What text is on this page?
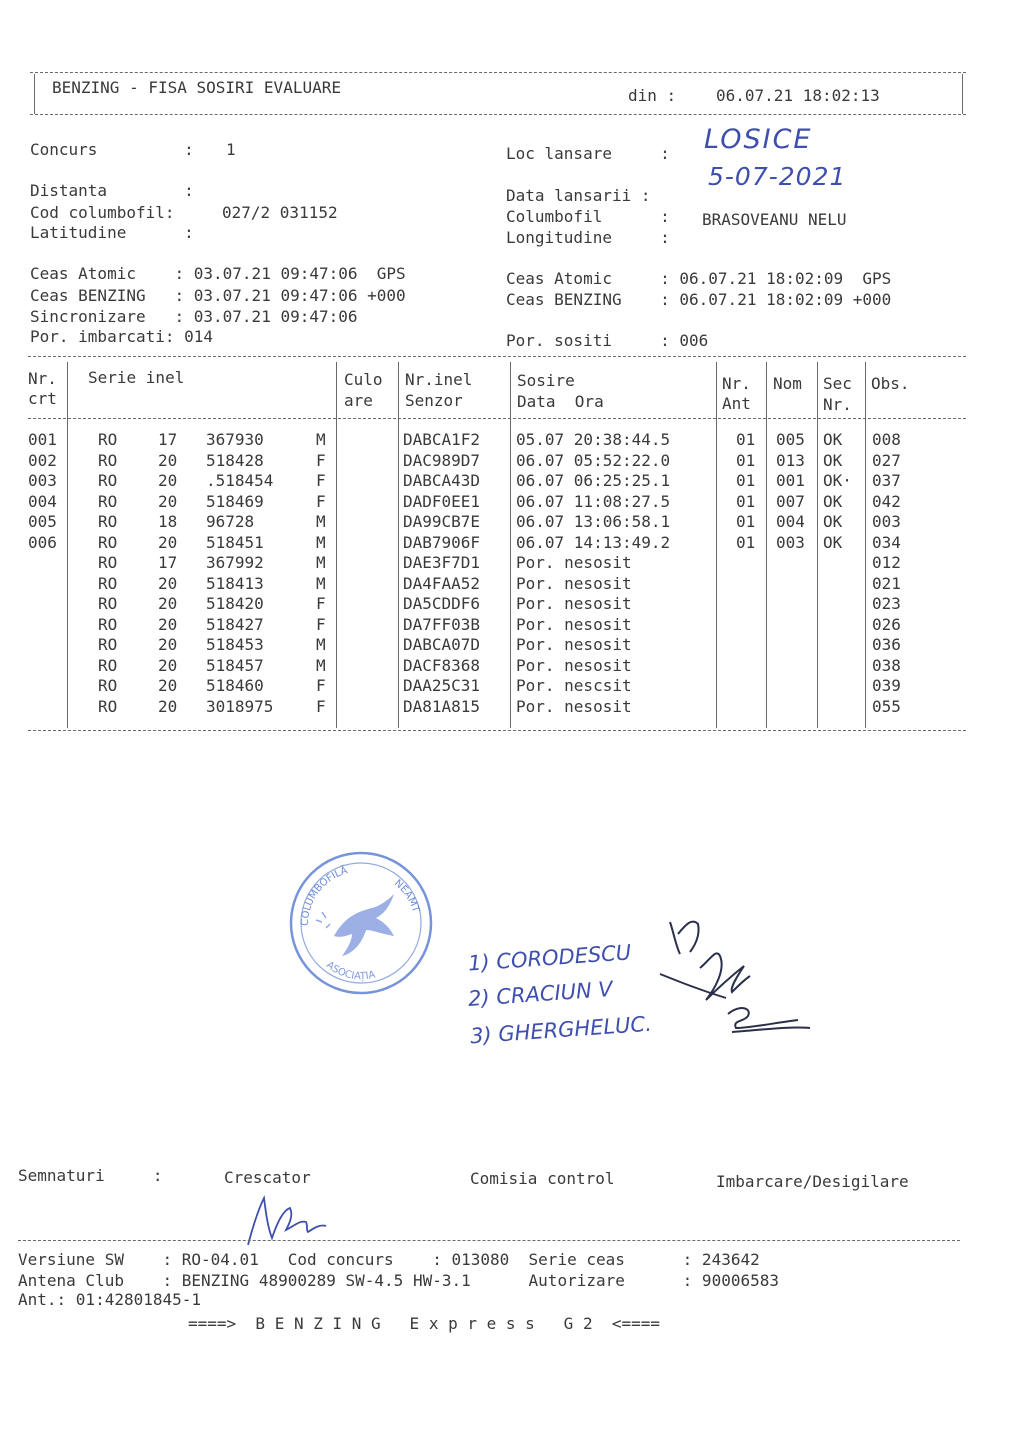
BENZING - FISA SOSIRI EVALUARE	din : 06.07.21 18:02:13
Concurs         : 1
Distanta        :
Cod columbofil:	027/2 031152
Latitudine      :
Loc lansare     : LOSICE
Data lansarii :
5-07-2021
Columbofil      : BRASOVEANU NELU
Longitudine     :
Ceas Atomic    : 03.07.21 09:47:06  GPS
Ceas BENZING   : 03.07.21 09:47:06 +000
Sincronizare   : 03.07.21 09:47:06
Por. imbarcati: 014
Ceas Atomic     : 06.07.21 18:02:09  GPS
Ceas BENZING    : 06.07.21 18:02:09 +000
Por. sositi     : 006
Nr.
crt
Serie inel	Culo
are
Nr.inel
Senzor
Sosire
Data  Ora
Nr.
Ant
Nom Sec
Nr.
Obs.
001	RO	17 367930	M	DABCA1F2 05.07 20:38:44.5	01 005 OK 008
002	RO	20 518428	F	DAC989D7 06.07 05:52:22.0	01 013 OK 027
003	RO	20 .518454	F	DABCA43D 06.07 06:25:25.1	01 001 OK· 037
004	RO	20 518469	F	DADF0EE1 06.07 11:08:27.5	01 007 OK 042
005	RO	18 96728	M	DA99CB7E 06.07 13:06:58.1	01 004 OK 003
006	RO	20 518451	M	DAB7906F 06.07 14:13:49.2	01 003 OK 034
RO	17 367992	M	DAE3F7D1 Por. nesosit	012
RO	20 518413	M	DA4FAA52 Por. nesosit	021
RO	20 518420	F	DA5CDDF6 Por. nesosit	023
RO	20 518427	F	DA7FF03B Por. nesosit	026
RO	20 518453	M	DABCA07D Por. nesosit	036
RO	20 518457	M	DACF8368 Por. nesosit	038
RO	20 518460	F	DAA25C31 Por. nescsit	039
RO	20 3018975	F	DA81A815 Por. nesosit	055
COLUMBOFILĂ
NEAMT
ASOCIAȚIA	1) CORODESCU
2) CRACIUN V
3) GHERGHELUC.
Semnaturi     :	Crescator	Comisia control	Imbarcare/Desigilare
Versiune SW    : RO-04.01   Cod concurs    : 013080  Serie ceas      : 243642
Antena Club    : BENZING 48900289 SW-4.5 HW-3.1      Autorizare      : 90006583
Ant.: 01:42801845-1
====>  B E N Z I N G   E x p r e s s   G 2  <====
